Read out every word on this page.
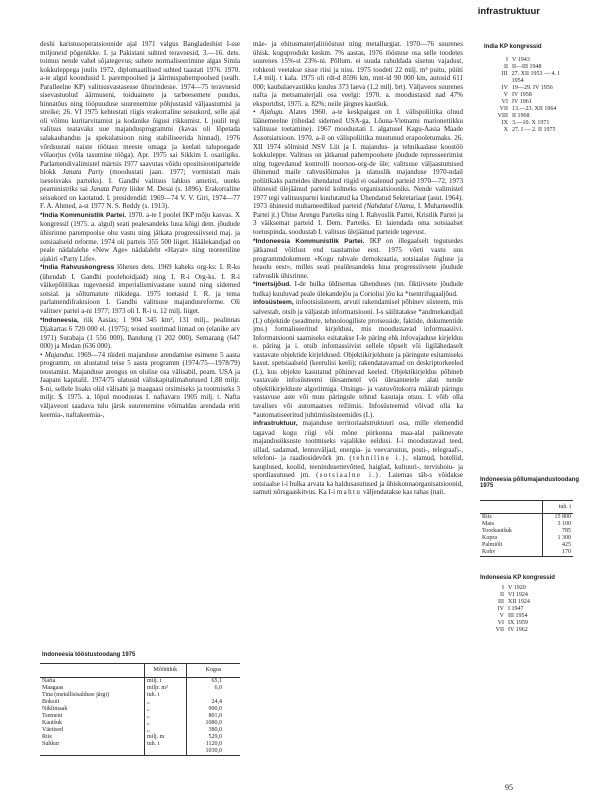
infrastruktuur

deshi karistusoperatsioonide ajal 1971 valgus Bangladeshist I-sse miljoneid põgenikke. I. ja Pakistani suhted teravnesid, 3.—16. dets. toimus nende vahel sõjategevus; suhete normaliseerimine algas Simla kokkuleppega juulis 1972, diplomaatilised suhted taastati 1976. 1970. a-te algul koondusid I. parempoolsed ja äärmuspahempoolsed (sealh. Paralleelne KP) valitsusvastasesse ühisrindesse. 1974—75 teravnesid sisevastuolud äärmuseni, toiduainete ja tarbeesemete puudus, hinnatõus ning tööpuuduse suurenemine põhjustasid väljaastumisi ja streike; 26. VI 1975 kehtestati riigis erakorraline seisukord, selle ajal oli võimu kuritarvitamist ja kodanike õigusi rikkumist. I. juulil tegi valitsus teatavaks uue majandusprogrammi (kavas oli lõpetada salakaubandus ja spekulatsioon ning stabiliseerida hinnad). 1976 võrdsustati naiste töötasu meeste omaga ja keelati talupoegade võlaorjus (võla tasumine tööga). Apr. 1975 sai Sikkim I. osariigiks. Parlamendivalimistel märtsis 1977 saavutas võidu opositsiooniparteide blokk Janata Party (moodustati jaan. 1977; vormistati mais iseseisvaks parteiks). I. Gandhi valitsus lahkus ametist, uueks peaministriks sai Janata Party liider M. Desai (s. 1896). Erakorraline seisukord on kaotatud. I. presidendid: 1969—74 V. V. Giri, 1974—77 F. A. Ahmed, a-st 1977 N. S. Reddy (s. 1913).

*India Kommunistlik Partei. 1970. a-te I poolei IKP mõju kasvas. X kongressil (1975. a. algul) seati pealesandeks luua kõigi dem. jõudude ühisrinne parempoolse ohu vastu ning jätkata progressiivseid maj. ja sotsiaalseid reforme. 1974 oli parteis 355 500 liiget. Häälekandjad on peale nädalalehe «New Age» nädalaleht «Hayat» ning teoreetiline ajakiri «Party Life».

*India Rahvuskongress lõhenes dets. 1969 kaheks org-ks: I. R-ks (ühendab I. Gandhi poolehoidjaid) ning I. R-i Org-ks. I. R-i väikepõlitikas tugevnesid imperialismivastane suund ning sidemed sotsial. ja sõltumatute riikidega. 1975 toetasid I. R. ja tema parlamendifraktsioon I. Gandhi valitsuse majandusreforme. Oli valitsev partei a-ni 1977; 1973 oli I. R-i u. 12 milj. liiget.

*Indoneesia, riik Aasias; 1 904 345 km², 131 milj., pealinnas Djakartas 6 720 000 el. (1975); teised suurimad linnad on (elanikе arv 1971) Surabaja (1 556 000), Bandung (1 202 000), Semarang (647 000) ja Medan (636 000).

• Majandus. 1969—74 tüideti majanduse arendamise esimene 5 aasta programm, on alustatud teise 5 aasta programm (1974/75—1978/79) teostamist. Majanduse arengus on olulise osa välisabil, peam. USA ja Jaapani kapitalil. 1974/75 ulatusid väliskapitalimahutused 1,88 miljr. $-ni, sellele lisaks olid välisabi ja maagaasi otsimiseks ja tootmiseks 3 miljr. $. 1975. a. lõpul moodustas I. naftavaru 1905 milj. t. Nafta väljaveost saadava tulu järsk suurenemine võimaldas arendada eriti keemia-, naftakeemia-,

Indoneesia tööstustoodang 1975
	Mõõtühik	Kogus
Nafta	milj. t	65,1
Maagaas	miljr. m³	6,0
Tina (metallisisalduse järgi)	tuh. t	
Boksiit	„	24,4
Niklimaak	„	990,0
Tsement	„	801,0
Kautšuk	„	1080,0
Väetised	„	380,0
Riie	milj. m	529,0
Suhkur	tuh. t	1120,0
		1030,0

mäe- ja ehitusmaterjalitööstust ning metallurgiat. 1970—76 suurenes ühisk. koguprodukt keskm. 7% aastas, 1976 tööstuse osa selle toodetes suurenes 15%-st 23%-ni. Põllum. ei suuda rahuldada sisetuu vajadust, rohkesti veetakse sisse riisi ja nisu. 1975 toodeti 22 milj. m³ puitu, püüti 1,4 milj. t kala. 1975 oli rdt-d 8596 km, mnt-id 90 000 km, autosid 611 000; kaubalaevastikku kuulus 373 laeva (1,2 milj. brt). Väljaveos suurenes nafta ja metsamaterjali osa veelgi: 1970. a. moodustasid nad 47% eksportdist, 1975. a. 82%; neile järgnes kautšuk.

• Ajalugu. Alates 1960. a-te keskpaigast on I. välispoliitika olnud läänemeelne (tihedad sidemed USA-ga, Lõuna-Vietnami marionettikku valitsuse toetamine). 1967 moodustati I. algatusel Kagu-Aasia Maade Assotsiatsioon. 1970. a-il on välispoliitika muutunud erapooletumaks. 26. XII 1974 sõlmisid NSV Liit ja I. majandus- ja tehnikaalase koostöö kokkuleppe. Valitsus on jätkanud pahempoolsete jõudude represseerimist ning tugevdanud kontrolli noorsoo-org-de üle; valitsuse väljaastumised ühinenud maile rahvuslõimalus ja ulatuslik majanduse 1970-ndail poliitikaks parteides ühendatud riigid ei osalenud parteid 1970—72, 1973 ühinesid ülejäänud parteid kolmeks organisatsiooniks. Nende valimistel 1977 tegi valitsuspartei kuulutatud ka Ühendatud Sekretariaat (asut. 1964). 1973 ühinesid muhameedlikud parteid (Nahdatul Ulama, I. Muhameedlik Partei jt.) Ühtse Arengu Parteiks ning I. Rahvuslik Partei, Kristlik Partei ja 3 väiksemat parteid I. Dem. Parteiks. Et laiendada oma sotsiaalset toetuspinda, soodustab I. valitsus ülejäänud parteide tegevust.

*Indoneesia Kommunistlik Partei. IKP on illegaalselt tegutsedes jätkanud võitlust end taastamise eest. 1975 võeti vastu uus programmdokument «Kogu rahvale demokraatia, sotsiaalse õigluse ja heaolu eest», milles seati peaülesandeks luua progressiivsete jõudude rahvuslik ühisrinne.

*inertsijõud. I-de hulka üldisemas tähenduses (nn. fiktiivsete jõudude hulka) kuuluvad peale ülekandejõu ja Coriolisi jõu ka *tsentrifugaaljõud.

infosüsteem, infootsisüsteem, arvuti rakendamisel põhinev süsteem, mis salvestab, otsib ja väljastab informatsiooni. I-s säilitatakse *andmekandjail (L) objektide (seadmete, tehnoloogiliste protsesside, faktide, dokumentide jms.) formaliseeritud kirjeldusi, mis moodustavad informaasiivi. Informatsiooni saamiseks esitatakse I-le päring ehk infovajaduse kirjeldus e. päring ja i. otsib infomassiivist sellele tõpselt või ligilähedaselt vastavate objektide kirjeldused. Objektikirjelduste ja päringute esitamiseks kasut. spetsiaalseid (keerulisi keeli); rakendatavamad on deskriptorkeeled (L), kus objekte kasutatud põhinevad keeled. Objektikirjeldus põhineb vastavale infosüsteemi ülesannetel või ülesannetele alati nende objektikirjelduste algoritmiga. Otsingu- ja vastuvõtukorra määrab päringu vastavuse aste või muu päringule tehtud kasutaja otsus. I. võib olla tavalises või automaatses režiimis. Infosüsteemid võivad olla ka *automatiseeritud juhtimissüsteemides (L).

infrastruktuur, majanduse territoriaalstruktuuri osa, mille elemendid tagavad kogu riigi või mõne piirkonna maa-alal paiknevate majandusüksuste tootmiseks vajalikke eeldusi. I-i moodustavad teed, sillad, sadamad, lennuväljad, energia- ja veevarustus, posti-, telegraafi-, telefoni- ja raadiosidevõrk jm. (tehniline i.), elamud, hotellid, kauplused, koolid, teenindusettevõtted, haiglad, kultuuri-, tervishoiu- ja spordiasutused jm. (sotsiaalne i.). Laiemas täh-s võidakse sotsiaalse i-i hulka arvata ka haldusasutused ja ühiskonnaorganisatsioonid, samuti nõrsgaaskitvus. Ka I-i mahtu väljendatakse kas rahas (nait.

India KP kongressid
I V 1943
II II—III 1948
III 27. XII 1953 — 4. I 1954
IV 19—29. IV 1956
V IV 1958
VI IV 1961
VII 13.—23. XII 1964
VIII II 1968
IX 3.—10. X 1971
X 27. I — 2. II 1975
Indoneesia põllumajandustoodang 1975
	tuh. t
Riis	15 800
Mais	3 100
Toorkautšuk	785
Kopra	1 300
Palmiõli	425
Kohv	170
Indoneesia KP kongressid
I V 1920
II VI 1924
III XII 1924
IV I 1947
V III 1954
VI IX 1959
VII IV 1962
95
